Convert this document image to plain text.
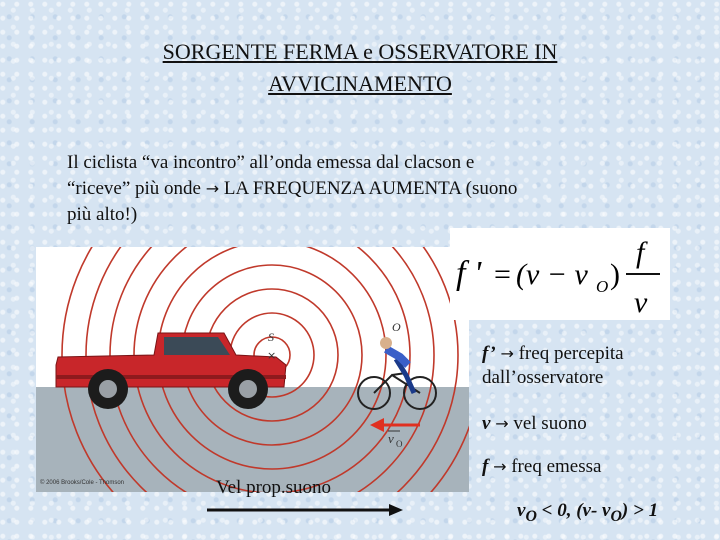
SORGENTE FERMA e OSSERVATORE IN
AVVICINAMENTO
Il ciclista “va incontro” all’onda emessa dal clacson e
“riceve” più onde → LA FREQUENZA AUMENTA (suono
più alto!)
S
×
O
v O
© 2006 Brooks/Cole - Thomson
f ' = (v − v O )
f
v
f’ → freq percepita
dall’osservatore
v → vel suono
f → freq emessa
Vel prop.suono
$v_O < 0$, (v- $v_O) > 1$
